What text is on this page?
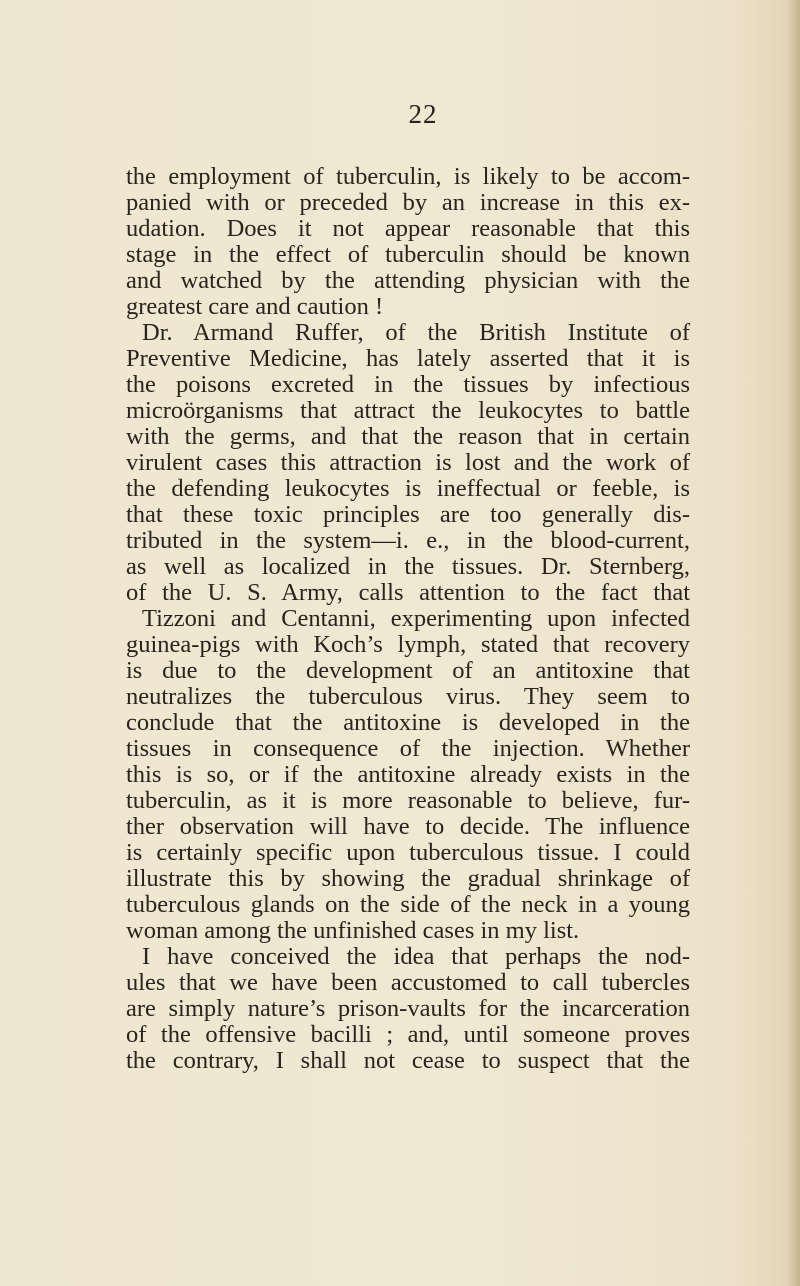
22
the employment of tuberculin, is likely to be accom-
panied with or preceded by an increase in this ex-
udation. Does it not appear reasonable that this
stage in the effect of tuberculin should be known
and watched by the attending physician with the
greatest care and caution !
Dr. Armand Ruffer, of the British Institute of
Preventive Medicine, has lately asserted that it is
the poisons excreted in the tissues by infectious
microörganisms that attract the leukocytes to battle
with the germs, and that the reason that in certain
virulent cases this attraction is lost and the work of
the defending leukocytes is ineffectual or feeble, is
that these toxic principles are too generally dis-
tributed in the system—i. e., in the blood-current,
as well as localized in the tissues. Dr. Sternberg,
of the U. S. Army, calls attention to the fact that
Tizzoni and Centanni, experimenting upon infected
guinea-pigs with Koch’s lymph, stated that recovery
is due to the development of an antitoxine that
neutralizes the tuberculous virus. They seem to
conclude that the antitoxine is developed in the
tissues in consequence of the injection. Whether
this is so, or if the antitoxine already exists in the
tuberculin, as it is more reasonable to believe, fur-
ther observation will have to decide. The influence
is certainly specific upon tuberculous tissue. I could
illustrate this by showing the gradual shrinkage of
tuberculous glands on the side of the neck in a young
woman among the unfinished cases in my list.
I have conceived the idea that perhaps the nod-
ules that we have been accustomed to call tubercles
are simply nature’s prison-vaults for the incarceration
of the offensive bacilli ; and, until someone proves
the contrary, I shall not cease to suspect that the
